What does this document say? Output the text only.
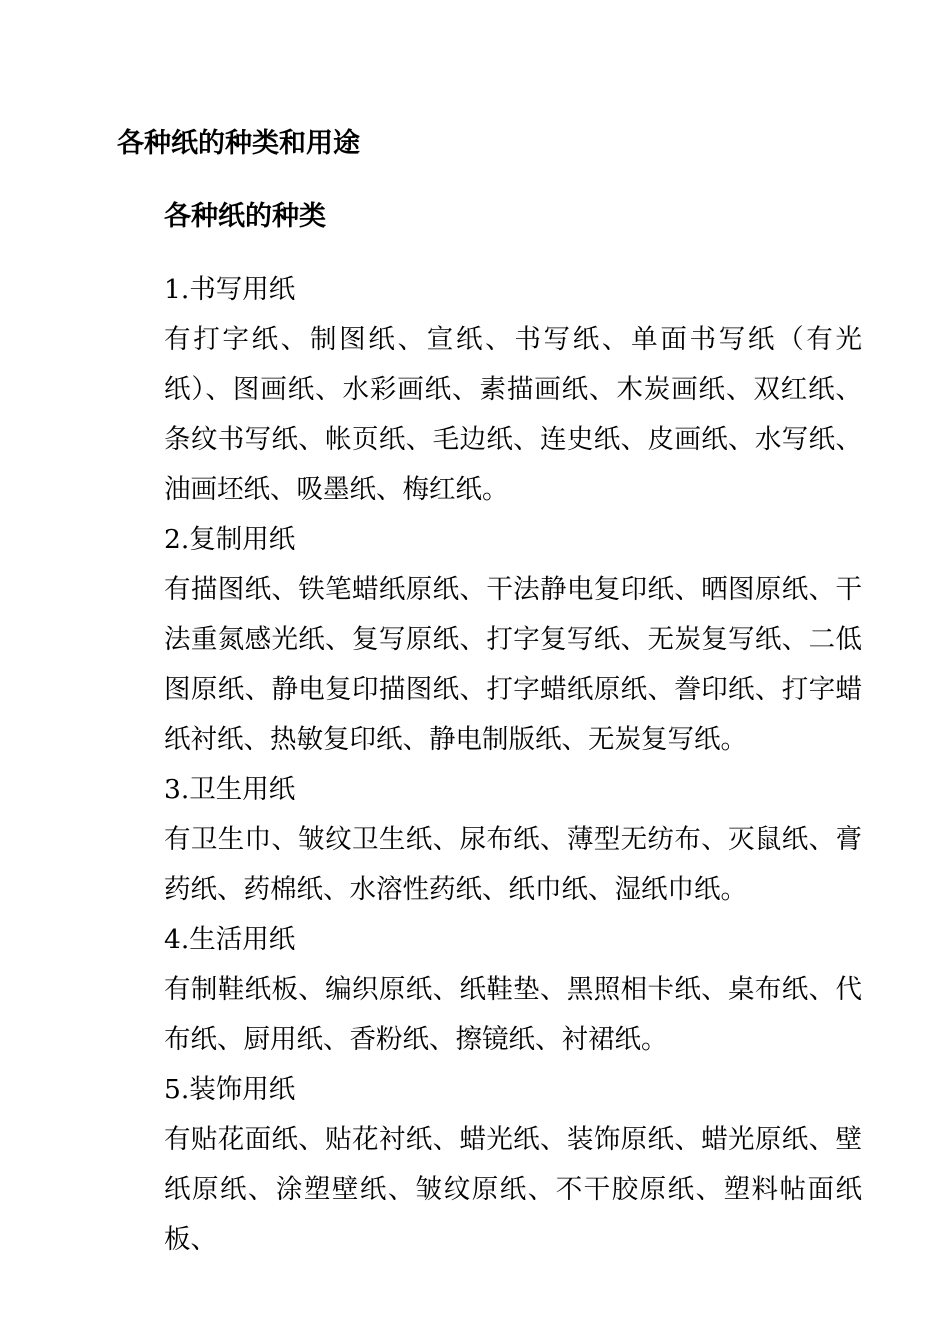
各种纸的种类和用途
各种纸的种类

1.书写用纸

有打字纸、制图纸、宣纸、书写纸、单面书写纸（有光纸）、图画纸、水彩画纸、素描画纸、木炭画纸、双红纸、条纹书写纸、帐页纸、毛边纸、连史纸、皮画纸、水写纸、油画坯纸、吸墨纸、梅红纸。

2.复制用纸

有描图纸、铁笔蜡纸原纸、干法静电复印纸、晒图原纸、干法重氮感光纸、复写原纸、打字复写纸、无炭复写纸、二低图原纸、静电复印描图纸、打字蜡纸原纸、誊印纸、打字蜡纸衬纸、热敏复印纸、静电制版纸、无炭复写纸。

3.卫生用纸

有卫生巾、皱纹卫生纸、尿布纸、薄型无纺布、灭鼠纸、膏药纸、药棉纸、水溶性药纸、纸巾纸、湿纸巾纸。

4.生活用纸

有制鞋纸板、编织原纸、纸鞋垫、黑照相卡纸、桌布纸、代布纸、厨用纸、香粉纸、擦镜纸、衬裙纸。

5.装饰用纸

有贴花面纸、贴花衬纸、蜡光纸、装饰原纸、蜡光原纸、壁纸原纸、涂塑壁纸、皱纹原纸、不干胶原纸、塑料帖面纸板、
